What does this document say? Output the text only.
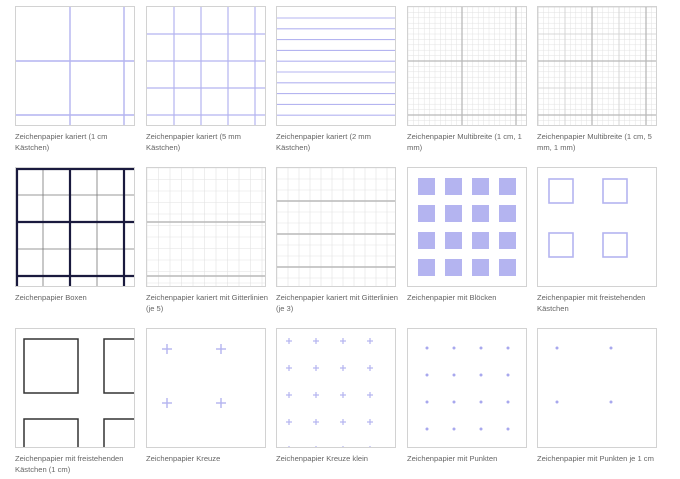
Zeichenpapier kariert (1 cm Kästchen)
Zeichenpapier kariert (5 mm Kästchen)
Zeichenpapier kariert (2 mm Kästchen)
Zeichenpapier Multibreite (1 cm, 1 mm)
Zeichenpapier Multibreite (1 cm, 5 mm, 1 mm)
Zeichenpapier Boxen	Zeichenpapier kariert mit Gitterlinien (je 5)
Zeichenpapier kariert mit Gitterlinien (je 3)
Zeichenpapier mit Blöcken	Zeichenpapier mit freistehenden Kästchen
Zeichenpapier mit freistehenden Kästchen (1 cm)
Zeichenpapier Kreuze	Zeichenpapier Kreuze klein	Zeichenpapier mit Punkten	Zeichenpapier mit Punkten je 1 cm
